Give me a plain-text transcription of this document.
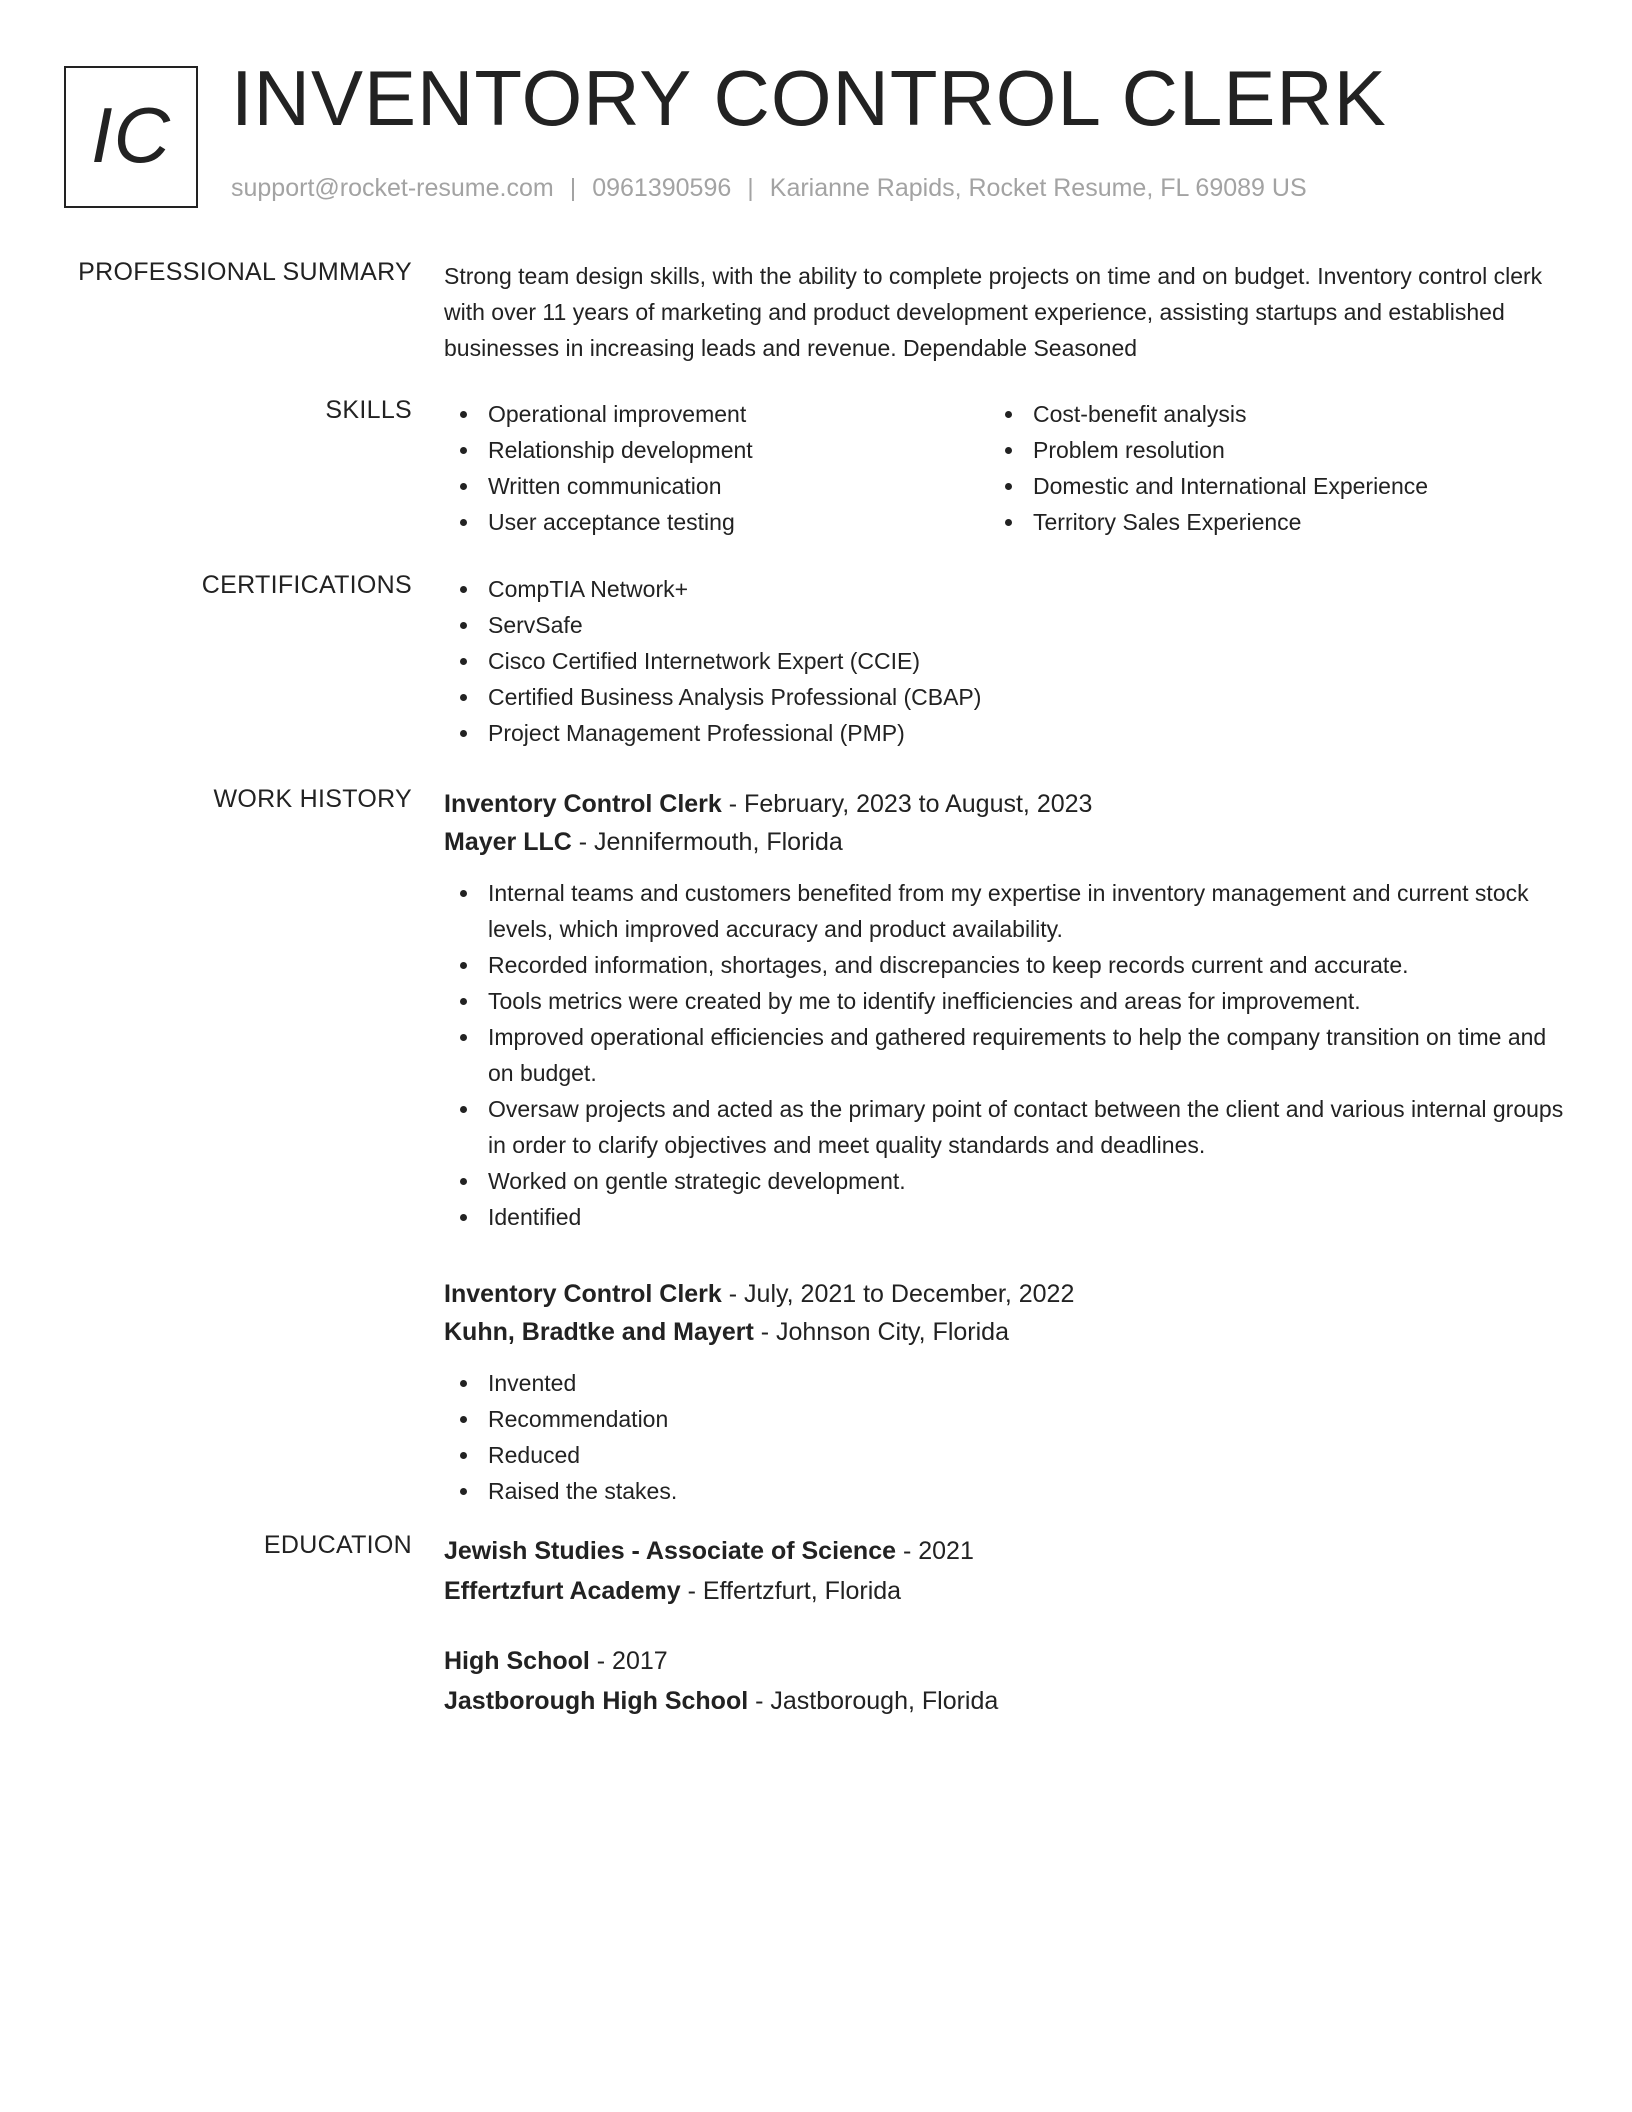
IC INVENTORY CONTROL CLERK
support@rocket-resume.com | 0961390596 | Karianne Rapids, Rocket Resume, FL 69089 US
PROFESSIONAL SUMMARY Strong team design skills, with the ability to complete projects on time and on budget. Inventory control clerk with over 11 years of marketing and product development experience, assisting startups and established businesses in increasing leads and revenue. Dependable Seasoned
SKILLS	Operational improvement
Relationship development
Written communication
User acceptance testing
Cost-benefit analysis
Problem resolution
Domestic and International Experience
Territory Sales Experience
CERTIFICATIONS	CompTIA Network+
ServSafe
Cisco Certified Internetwork Expert (CCIE)
Certified Business Analysis Professional (CBAP)
Project Management Professional (PMP)
WORK HISTORY Inventory Control Clerk - February, 2023 to August, 2023
Mayer LLC - Jennifermouth, Florida
Internal teams and customers benefited from my expertise in inventory management and current stock levels, which improved accuracy and product availability.
Recorded information, shortages, and discrepancies to keep records current and accurate.
Tools metrics were created by me to identify inefficiencies and areas for improvement.
Improved operational efficiencies and gathered requirements to help the company transition on time and on budget.
Oversaw projects and acted as the primary point of contact between the client and various internal groups in order to clarify objectives and meet quality standards and deadlines.
Worked on gentle strategic development.
Identified
Inventory Control Clerk - July, 2021 to December, 2022
Kuhn, Bradtke and Mayert - Johnson City, Florida
Invented
Recommendation
Reduced
Raised the stakes.
EDUCATION Jewish Studies - Associate of Science - 2021
Effertzfurt Academy - Effertzfurt, Florida
High School - 2017
Jastborough High School - Jastborough, Florida
